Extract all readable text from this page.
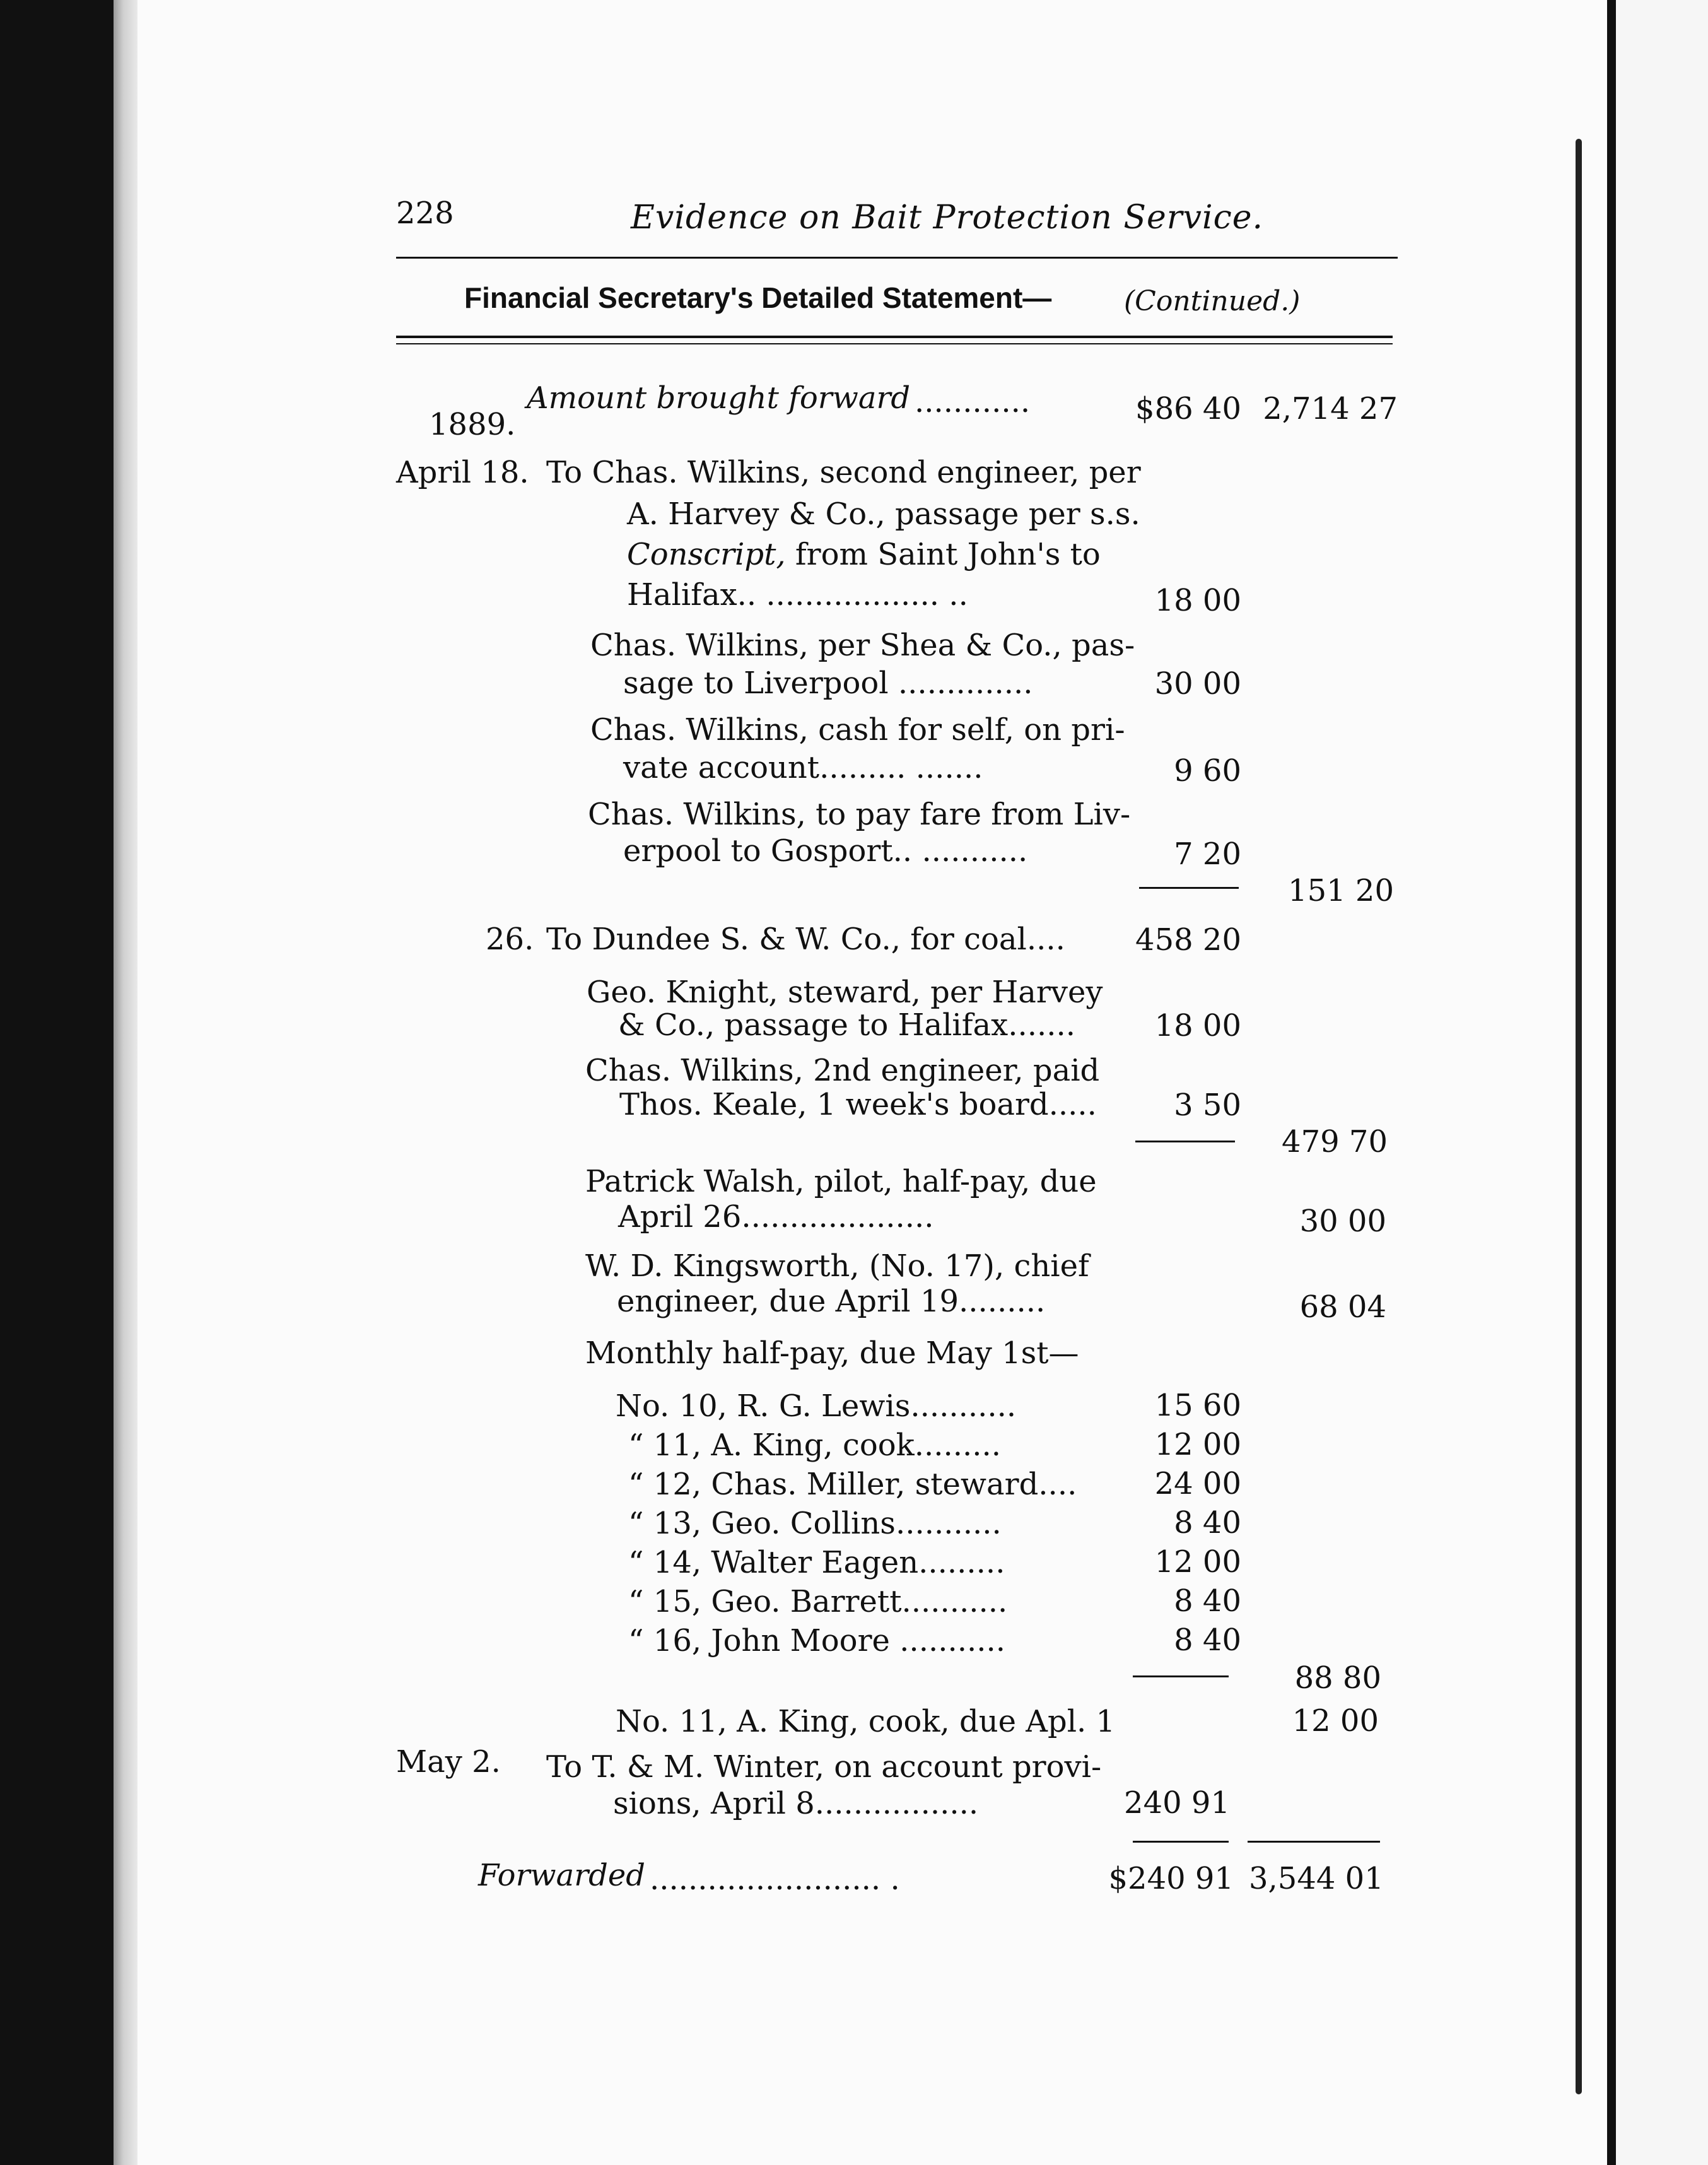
228	Evidence on Bait Protection Service.
Financial Secretary's Detailed Statement—	(Continued.)
Amount brought forward ............	$86 40 2,714 27
1889.
April 18. To Chas. Wilkins, second engineer, per
A. Harvey & Co., passage per s.s.
Conscript, from Saint John's to
Halifax.. .................. ..	18 00
Chas. Wilkins, per Shea & Co., pas-
sage to Liverpool ..............	30 00
Chas. Wilkins, cash for self, on pri-
vate account......... .......	9 60
Chas. Wilkins, to pay fare from Liv-
erpool to Gosport.. ...........	7 20
151 20
26. To Dundee S. & W. Co., for coal....	458 20
Geo. Knight, steward, per Harvey
& Co., passage to Halifax.......	18 00
Chas. Wilkins, 2nd engineer, paid
Thos. Keale, 1 week's board.....	3 50
479 70
Patrick Walsh, pilot, half-pay, due
April 26....................	30 00
W. D. Kingsworth, (No. 17), chief
engineer, due April 19.........	68 04
Monthly half-pay, due May 1st—
No. 10, R. G. Lewis...........	15 60
“ 11, A. King, cook.........	12 00
“ 12, Chas. Miller, steward....	24 00
“ 13, Geo. Collins...........	8 40
“ 14, Walter Eagen.........	12 00
“ 15, Geo. Barrett...........	8 40
“ 16, John Moore ...........	8 40
88 80
No. 11, A. King, cook, due Apl. 1	12 00
May 2. To T. & M. Winter, on account provi-
sions, April 8.................	240 91
Forwarded ........................ .	$240 91 3,544 01
